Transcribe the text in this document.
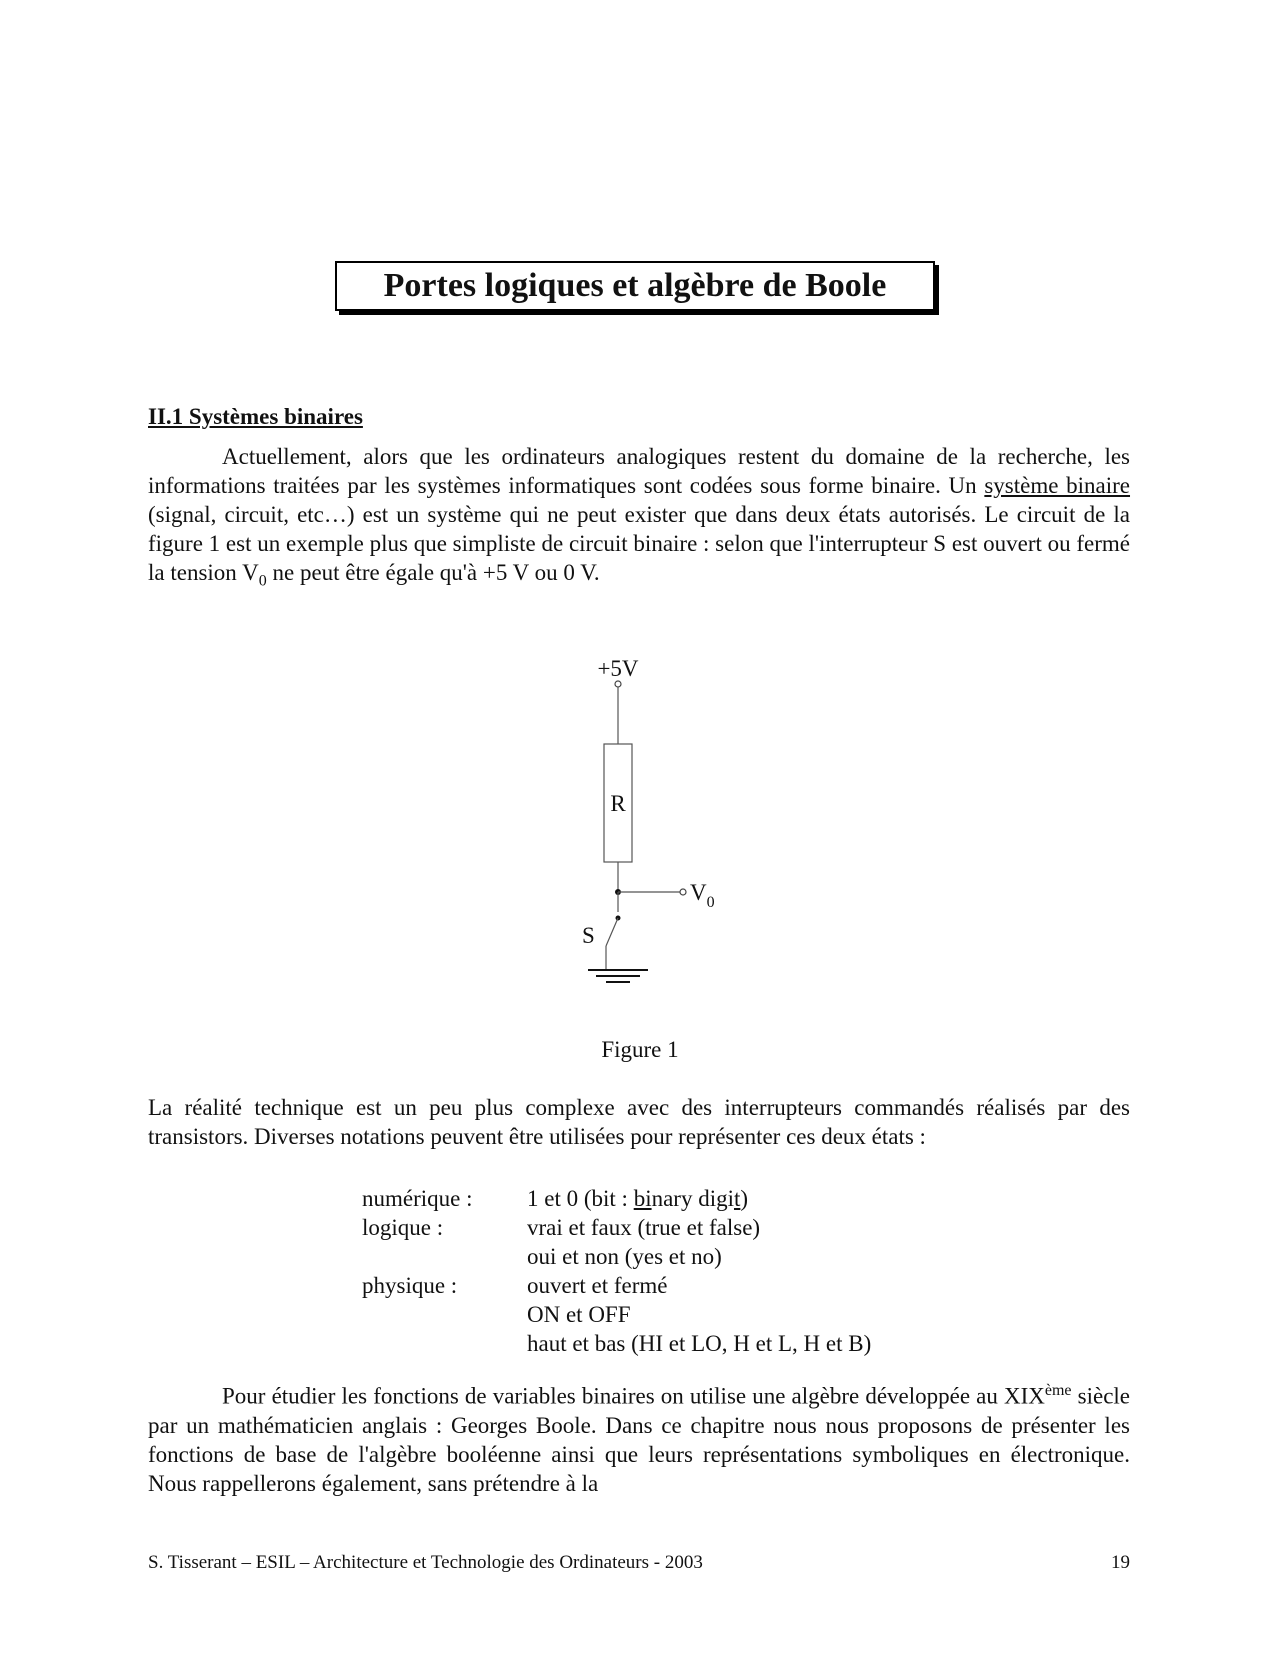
Portes logiques et algèbre de Boole
II.1 Systèmes binaires

Actuellement, alors que les ordinateurs analogiques restent du domaine de la recherche, les informations traitées par les systèmes informatiques sont codées sous forme binaire. Un système binaire (signal, circuit, etc…) est un système qui ne peut exister que dans deux états autorisés. Le circuit de la figure 1 est un exemple plus que simpliste de circuit binaire : selon que l'interrupteur S est ouvert ou fermé la tension $V_0$ ne peut être égale qu'à +5 V ou 0 V.

+5V
R
$V_0$
S
Figure 1

La réalité technique est un peu plus complexe avec des interrupteurs commandés réalisés par des transistors. Diverses notations peuvent être utilisées pour représenter ces deux états :

numérique :	1 et 0 (bit : binary digit)
logique :	vrai et faux (true et false)
oui et non (yes et no)
physique :	ouvert et fermé
ON et OFF
haut et bas (HI et LO, H et L, H et B)

Pour étudier les fonctions de variables binaires on utilise une algèbre développée au XIXème siècle par un mathématicien anglais : Georges Boole. Dans ce chapitre nous nous proposons de présenter les fonctions de base de l'algèbre booléenne ainsi que leurs représentations symboliques en électronique. Nous rappellerons également, sans prétendre à la

S. Tisserant – ESIL – Architecture et Technologie des Ordinateurs - 2003	19
